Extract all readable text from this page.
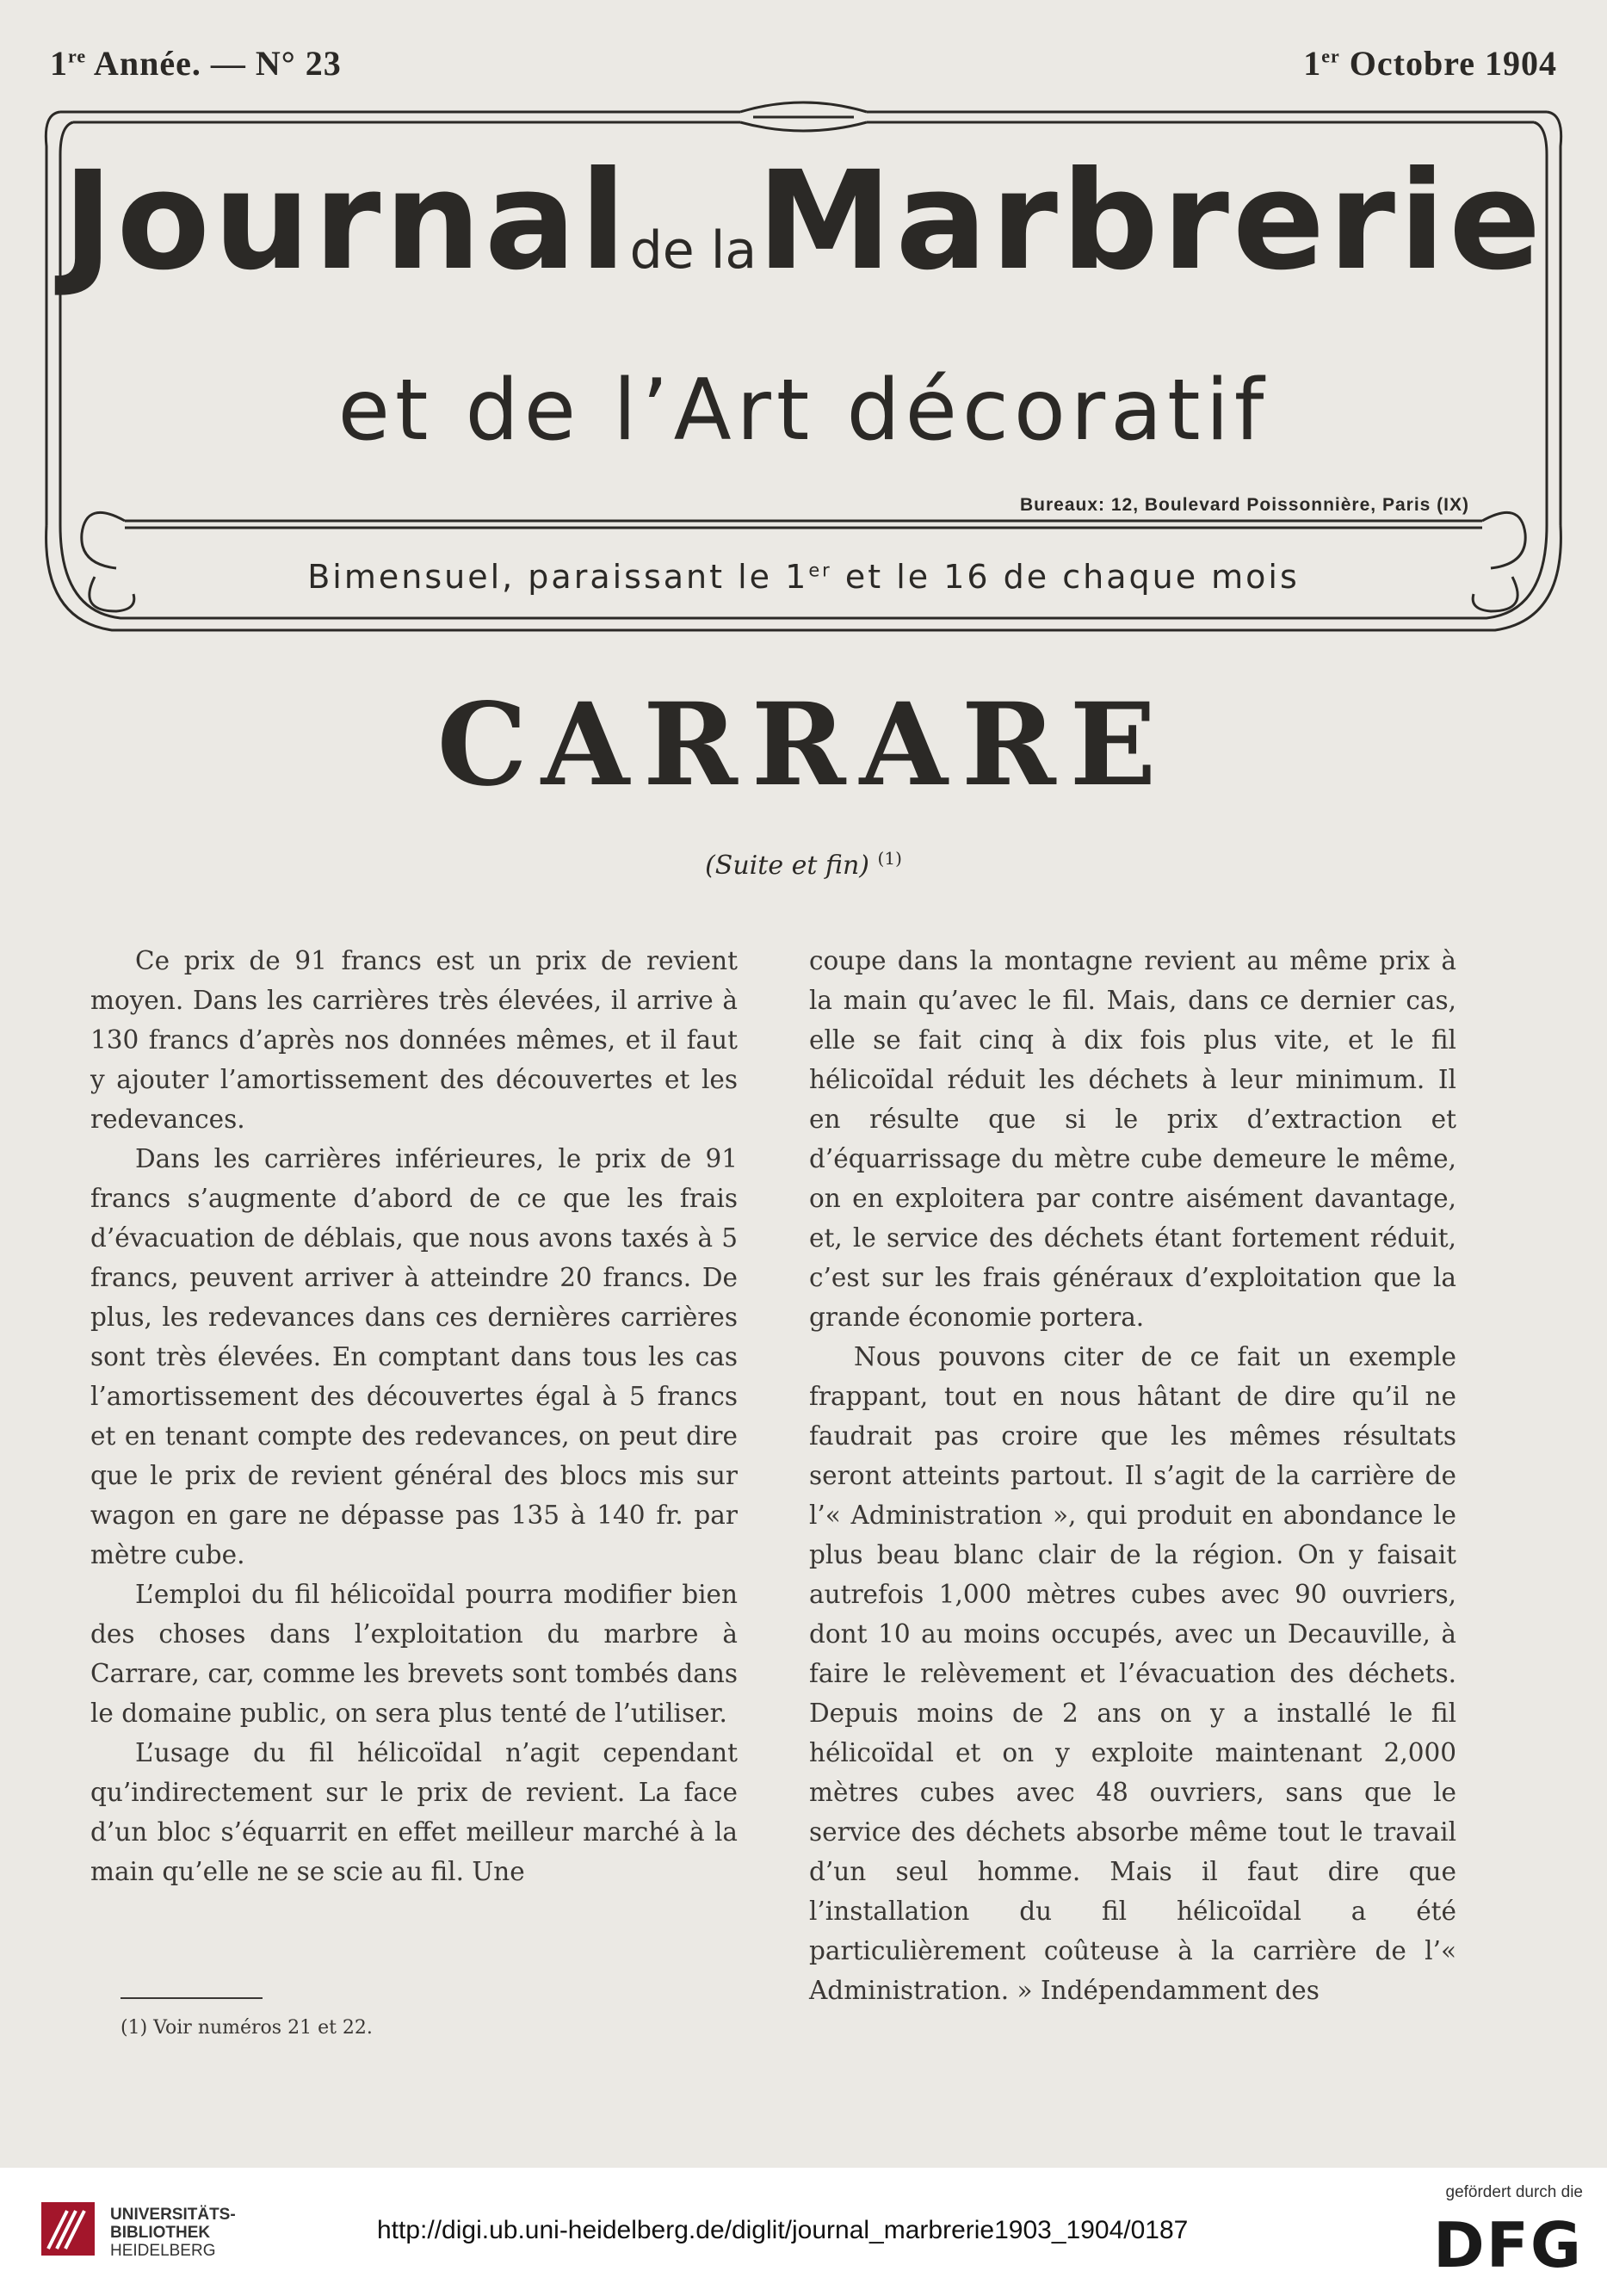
1re Année. — N° 23	1er Octobre 1904
Journalde laMarbrerie
et de l’Art décoratif
Bureaux: 12, Boulevard Poissonnière, Paris (IX)
Bimensuel, paraissant le 1er et le 16 de chaque mois
CARRARE
(Suite et fin) $^{(1)}$

Ce prix de 91 francs est un prix de revient moyen. Dans les carrières très élevées, il arrive à 130 francs d’après nos données mêmes, et il faut y ajouter l’amortissement des découvertes et les redevances.

Dans les carrières inférieures, le prix de 91 francs s’augmente d’abord de ce que les frais d’évacuation de déblais, que nous avons taxés à 5 francs, peuvent arriver à atteindre 20 francs. De plus, les redevances dans ces dernières carrières sont très élevées. En comptant dans tous les cas l’amortissement des découvertes égal à 5 francs et en tenant compte des redevances, on peut dire que le prix de revient général des blocs mis sur wagon en gare ne dépasse pas 135 à 140 fr. par mètre cube.

L’emploi du fil hélicoïdal pourra modifier bien des choses dans l’exploitation du marbre à Carrare, car, comme les brevets sont tombés dans le domaine public, on sera plus tenté de l’utiliser.

L’usage du fil hélicoïdal n’agit cependant qu’indirectement sur le prix de revient. La face d’un bloc s’équarrit en effet meilleur marché à la main qu’elle ne se scie au fil. Une

coupe dans la montagne revient au même prix à la main qu’avec le fil. Mais, dans ce dernier cas, elle se fait cinq à dix fois plus vite, et le fil hélicoïdal réduit les déchets à leur minimum. Il en résulte que si le prix d’extraction et d’équarrissage du mètre cube demeure le même, on en exploitera par contre aisément davantage, et, le service des déchets étant fortement réduit, c’est sur les frais généraux d’exploitation que la grande économie portera.

Nous pouvons citer de ce fait un exemple frappant, tout en nous hâtant de dire qu’il ne faudrait pas croire que les mêmes résultats seront atteints partout. Il s’agit de la carrière de l’« Administration », qui produit en abondance le plus beau blanc clair de la région. On y faisait autrefois 1,000 mètres cubes avec 90 ouvriers, dont 10 au moins occupés, avec un Decauville, à faire le relèvement et l’évacuation des déchets. Depuis moins de 2 ans on y a installé le fil hélicoïdal et on y exploite maintenant 2,000 mètres cubes avec 48 ouvriers, sans que le service des déchets absorbe même tout le travail d’un seul homme. Mais il faut dire que l’installation du fil hélicoïdal a été particulièrement coûteuse à la carrière de l’« Administration. » Indépendamment des

(1) Voir numéros 21 et 22.
UNIVERSITÄTS-
BIBLIOTHEK
HEIDELBERG
http://digi.ub.uni-heidelberg.de/diglit/journal_marbrerie1903_1904/0187
gefördert durch die
DFG
